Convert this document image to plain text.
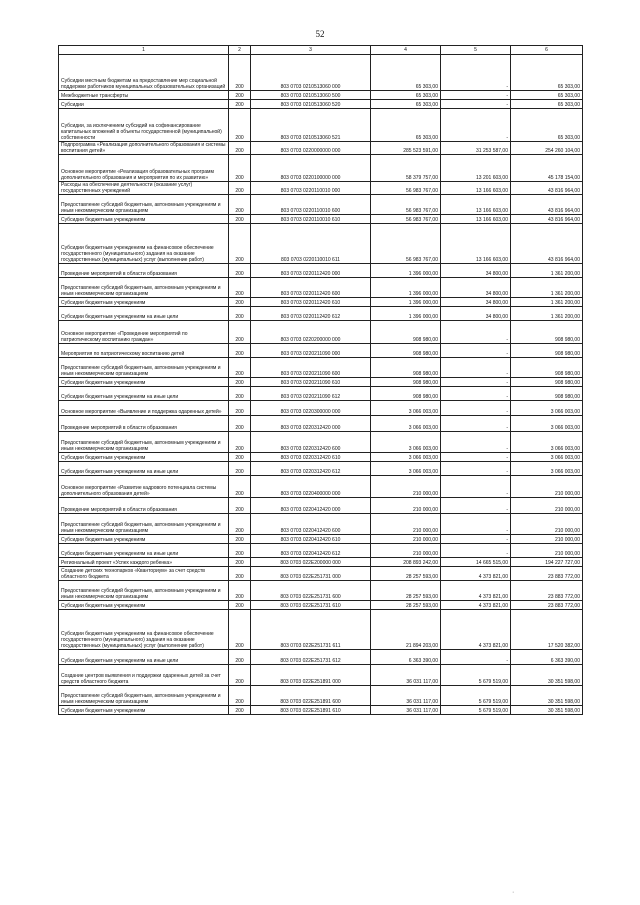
52
1	2	3	4	5	6
Субсидии местным бюджетам на предоставление мер социальной поддержки работников муниципальных образовательных организаций	200	803 0703 0210513060 000	65 303,00	-	65 303,00
Межбюджетные трансферты	200	803 0703 0210513060 500	65 303,00	-	65 303,00
Субсидии	200	803 0703 0210513060 520	65 303,00	-	65 303,00
Субсидии, за исключением субсидий на софинансирование капитальных вложений в объекты государственной (муниципальной) собственности	200	803 0703 0210513060 521	65 303,00	-	65 303,00
Подпрограмма «Реализация дополнительного образования и системы воспитания детей»	200	803 0703 0220000000 000	285 523 591,00	31 253 587,00	254 260 104,00
Основное мероприятие «Реализация образовательных программ дополнительного образования и мероприятия по их развитию»	200	803 0703 0220100000 000	58 379 757,00	13 201 603,00	45 178 154,00
Расходы на обеспечение деятельности (оказание услуг) государственных учреждений	200	803 0703 0220110010 000	56 983 767,00	13 166 603,00	43 816 964,00
Предоставление субсидий бюджетным, автономным учреждениям и иным некоммерческим организациям	200	803 0703 0220110010 600	56 983 767,00	13 166 603,00	43 816 964,00
Субсидии бюджетным учреждениям	200	803 0703 0220110010 610	56 983 767,00	13 166 603,00	43 816 964,00
Субсидии бюджетным учреждениям на финансовое обеспечение государственного (муниципального) задания на оказание государственных (муниципальных) услуг (выполнение работ)	200	803 0703 0220110010 611	56 983 767,00	13 166 603,00	43 816 964,00
Проведение мероприятий в области образования	200	803 0703 0220112420 000	1 396 000,00	34 800,00	1 361 200,00
Предоставление субсидий бюджетным, автономным учреждениям и иным некоммерческим организациям	200	803 0703 0220112420 600	1 396 000,00	34 800,00	1 361 200,00
Субсидии бюджетным учреждениям	200	803 0703 0220112420 610	1 396 000,00	34 800,00	1 361 200,00
Субсидии бюджетным учреждениям на иные цели	200	803 0703 0220112420 612	1 396 000,00	34 800,00	1 361 200,00
Основное мероприятие «Проведение мероприятий по патриотическому воспитанию граждан»	200	803 0703 0220200000 000	908 980,00	-	908 980,00
Мероприятия по патриотическому воспитанию детей	200	803 0703 0220211090 000	908 980,00	-	908 980,00
Предоставление субсидий бюджетным, автономным учреждениям и иным некоммерческим организациям	200	803 0703 0220211090 600	908 980,00	-	908 980,00
Субсидии бюджетным учреждениям	200	803 0703 0220211090 610	908 980,00	-	908 980,00
Субсидии бюджетным учреждениям на иные цели	200	803 0703 0220211090 612	908 980,00	-	908 980,00
Основное мероприятие «Выявление и поддержка одаренных детей»	200	803 0703 0220300000 000	3 066 003,00	-	3 066 003,00
Проведение мероприятий в области образования	200	803 0703 0220312420 000	3 066 003,00	-	3 066 003,00
Предоставление субсидий бюджетным, автономным учреждениям и иным некоммерческим организациям	200	803 0703 0220312420 600	3 066 003,00	-	3 066 003,00
Субсидии бюджетным учреждениям	200	803 0703 0220312420 610	3 066 003,00	-	3 066 003,00
Субсидии бюджетным учреждениям на иные цели	200	803 0703 0220312420 612	3 066 003,00	-	3 066 003,00
Основное мероприятие «Развитие кадрового потенциала системы дополнительного образования детей»	200	803 0703 0220400000 000	210 000,00	-	210 000,00
Проведение мероприятий в области образования	200	803 0703 0220412420 000	210 000,00	-	210 000,00
Предоставление субсидий бюджетным, автономным учреждениям и иным некоммерческим организациям	200	803 0703 0220412420 600	210 000,00	-	210 000,00
Субсидии бюджетным учреждениям	200	803 0703 0220412420 610	210 000,00	-	210 000,00
Субсидии бюджетным учреждениям на иные цели	200	803 0703 0220412420 612	210 000,00	-	210 000,00
Региональный проект «Успех каждого ребенка»	200	803 0703 022E200000 000	208 893 242,00	14 665 515,00	194 227 727,00
Создание детских технопарков «Кванториум» за счет средств областного бюджета	200	803 0703 022E251731 000	28 257 593,00	4 373 821,00	23 883 772,00
Предоставление субсидий бюджетным, автономным учреждениям и иным некоммерческим организациям	200	803 0703 022E251731 600	28 257 593,00	4 373 821,00	23 883 772,00
Субсидии бюджетным учреждениям	200	803 0703 022E251731 610	28 257 593,00	4 373 821,00	23 883 772,00
Субсидии бюджетным учреждениям на финансовое обеспечение государственного (муниципального) задания на оказание государственных (муниципальных) услуг (выполнение работ)	200	803 0703 022E251731 611	21 894 203,00	4 373 821,00	17 520 382,00
Субсидии бюджетным учреждениям на иные цели	200	803 0703 022E251731 612	6 363 390,00	-	6 363 390,00
Создание центров выявления и поддержки одаренных детей за счет средств областного бюджета	200	803 0703 022E251891 000	36 031 117,00	5 679 519,00	30 351 598,00
Предоставление субсидий бюджетным, автономным учреждениям и иным некоммерческим организациям	200	803 0703 022E251891 600	36 031 117,00	5 679 519,00	30 351 598,00
Субсидии бюджетным учреждениям	200	803 0703 022E251891 610	36 031 117,00	5 679 519,00	30 351 598,00
·
